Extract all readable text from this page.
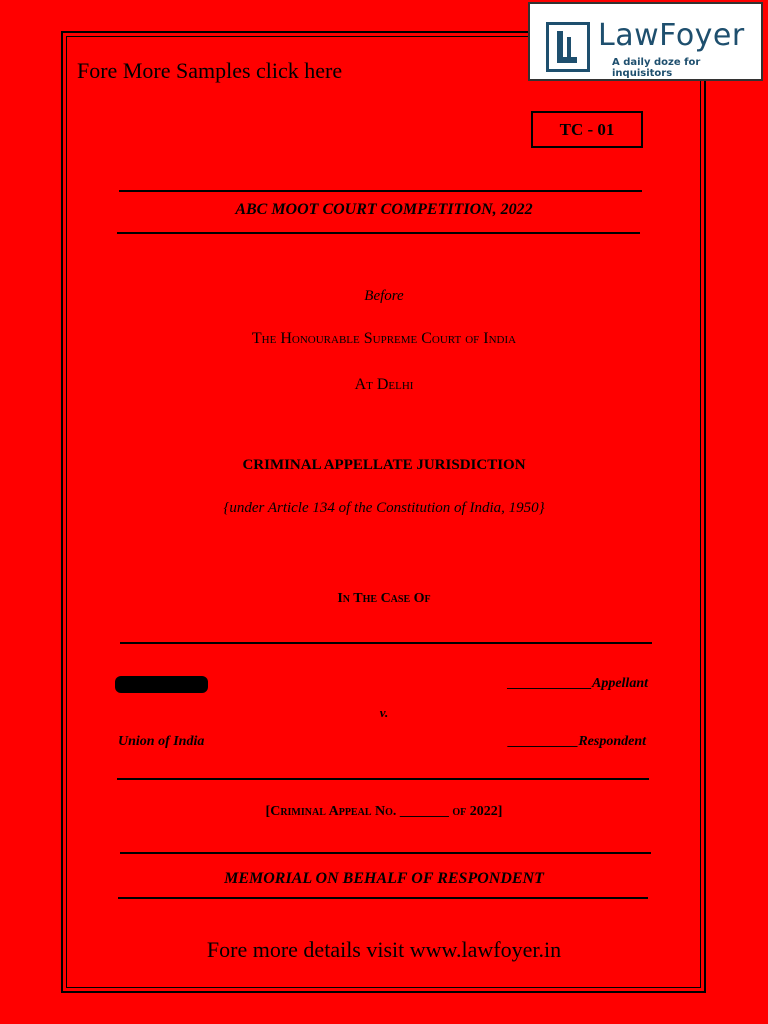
LawFoyer
A daily doze for inquisitors
Fore More Samples click here
TC - 01
ABC MOOT COURT COMPETITION, 2022
Before
The Honourable Supreme Court of India
At Delhi
CRIMINAL APPELLATE JURISDICTION
{under Article 134 of the Constitution of India, 1950}
In The Case Of
____________Appellant
v.
Union of India	__________Respondent
[Criminal Appeal No. _______ of 2022]
MEMORIAL ON BEHALF OF RESPONDENT
Fore more details visit www.lawfoyer.in
